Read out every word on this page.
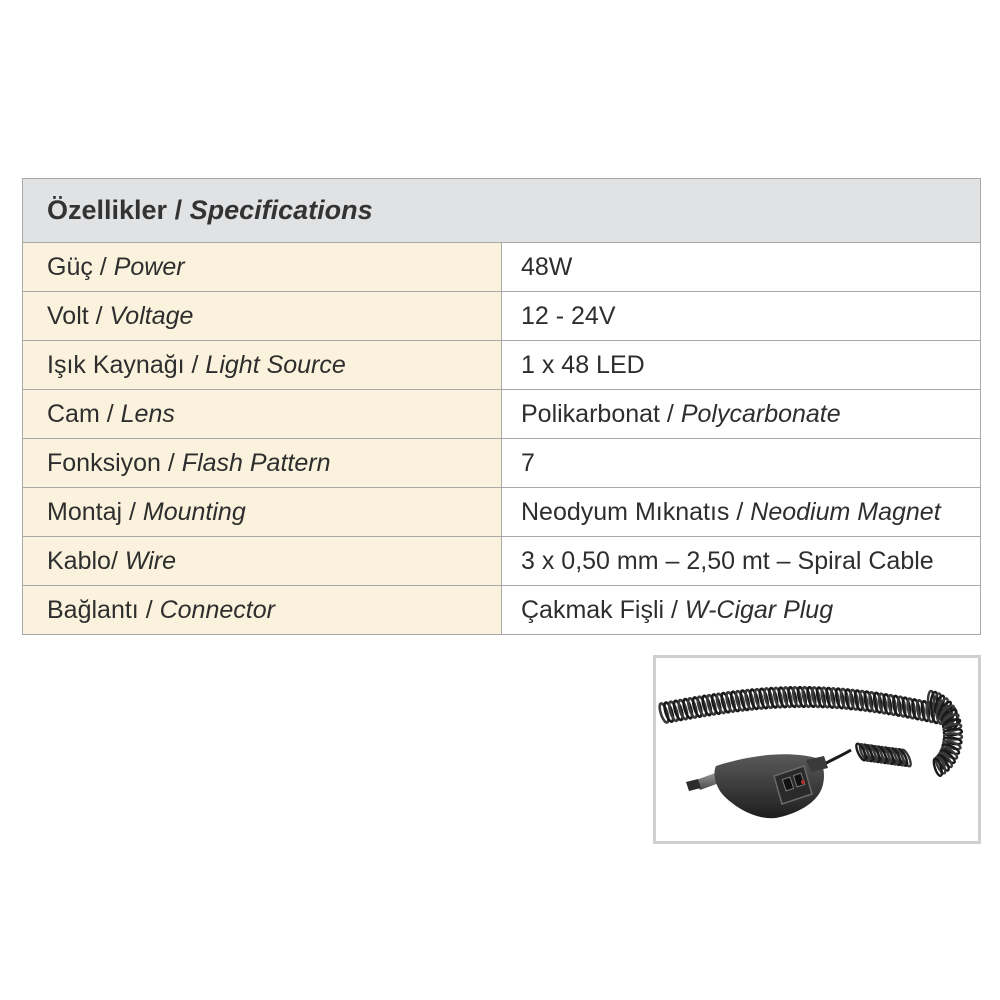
Özellikler / Specifications	
Güç / Power	48W
Volt / Voltage	12 - 24V
Işık Kaynağı / Light Source	1 x 48 LED
Cam / Lens	Polikarbonat / Polycarbonate
Fonksiyon / Flash Pattern	7
Montaj / Mounting	Neodyum Mıknatıs / Neodium Magnet
Kablo/ Wire	3 x 0,50 mm – 2,50 mt – Spiral Cable
Bağlantı / Connector	Çakmak Fişli / W-Cigar Plug
